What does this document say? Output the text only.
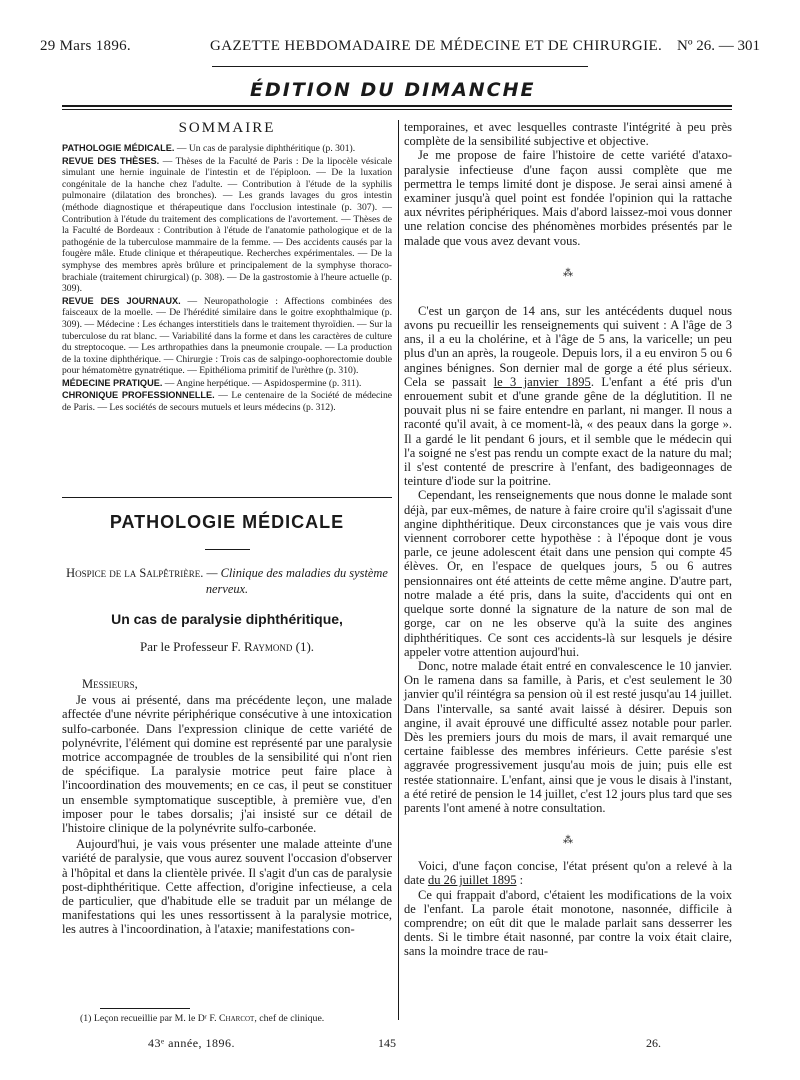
29 Mars 1896.	GAZETTE HEBDOMADAIRE DE MÉDECINE ET DE CHIRURGIE. Nº 26. — 301
ÉDITION DU DIMANCHE
SOMMAIRE

PATHOLOGIE MÉDICALE. — Un cas de paralysie diphthéritique (p. 301).

REVUE DES THÈSES. — Thèses de la Faculté de Paris : De la lipocèle vésicale simulant une hernie inguinale de l'intestin et de l'épiploon. — De la luxation congénitale de la hanche chez l'adulte. — Contribution à l'étude de la syphilis pulmonaire (dilatation des bronches). — Les grands lavages du gros intestin (méthode diagnostique et thérapeutique dans l'occlusion intestinale (p. 307). — Contribution à l'étude du traitement des complications de l'avortement. — Thèses de la Faculté de Bordeaux : Contribution à l'étude de l'anatomie pathologique et de la pathogénie de la tuberculose mammaire de la femme. — Des accidents causés par la fougère mâle. Etude clinique et thérapeutique. Recherches expérimentales. — De la symphyse des membres après brûlure et principalement de la symphyse thoraco-brachiale (traitement chirurgical) (p. 308). — De la gastrostomie à l'heure actuelle (p. 309).

REVUE DES JOURNAUX. — Neuropathologie : Affections combinées des faisceaux de la moelle. — De l'hérédité similaire dans le goitre exophthalmique (p. 309). — Médecine : Les échanges interstitiels dans le traitement thyroïdien. — Sur la tuberculose du rat blanc. — Variabilité dans la forme et dans les caractères de culture du streptocoque. — Les arthropathies dans la pneumonie croupale. — La production de la toxine diphthérique. — Chirurgie : Trois cas de salpingo-oophorectomie double pour hématomètre gynatrétique. — Epithélioma primitif de l'urèthre (p. 310).

MÉDECINE PRATIQUE. — Angine herpétique. — Aspidospermine (p. 311).

CHRONIQUE PROFESSIONNELLE. — Le centenaire de la Société de médecine de Paris. — Les sociétés de secours mutuels et leurs médecins (p. 312).

PATHOLOGIE MÉDICALE
Hospice de la Salpêtrière. — Clinique des maladies du système nerveux.
Un cas de paralysie diphthéritique,
Par le Professeur F. Raymond (1).

Messieurs,

Je vous ai présenté, dans ma précédente leçon, une malade affectée d'une névrite périphérique consécutive à une intoxication sulfo-carbonée. Dans l'expression clinique de cette variété de polynévrite, l'élément qui domine est représenté par une paralysie motrice accompagnée de troubles de la sensibilité qui n'ont rien de spécifique. La paralysie motrice peut faire place à l'incoordination des mouvements; en ce cas, il peut se constituer un ensemble symptomatique susceptible, à première vue, d'en imposer pour le tabes dorsalis; j'ai insisté sur ce détail de l'histoire clinique de la polynévrite sulfo-carbonée.

Aujourd'hui, je vais vous présenter une malade atteinte d'une variété de paralysie, que vous aurez souvent l'occasion d'observer à l'hôpital et dans la clientèle privée. Il s'agit d'un cas de paralysie post-diphthéritique. Cette affection, d'origine infectieuse, a cela de particulier, que d'habitude elle se traduit par un mélange de manifestations qui les unes ressortissent à la paralysie motrice, les autres à l'incoordination, à l'ataxie; manifestations con-

(1) Leçon recueillie par M. le Dʳ F. Charcot, chef de clinique.

temporaines, et avec lesquelles contraste l'intégrité à peu près complète de la sensibilité subjective et objective.

Je me propose de faire l'histoire de cette variété d'ataxo-paralysie infectieuse d'une façon aussi complète que me permettra le temps limité dont je dispose. Je serai ainsi amené à examiner jusqu'à quel point est fondée l'opinion qui la rattache aux névrites périphériques. Mais d'abord laissez-moi vous donner une relation concise des phénomènes morbides présentés par le malade que vous avez devant vous.

⁂

C'est un garçon de 14 ans, sur les antécédents duquel nous avons pu recueillir les renseignements qui suivent : A l'âge de 3 ans, il a eu la cholérine, et à l'âge de 5 ans, la varicelle; un peu plus d'un an après, la rougeole. Depuis lors, il a eu environ 5 ou 6 angines bénignes. Son dernier mal de gorge a été plus sérieux. Cela se passait le 3 janvier 1895. L'enfant a été pris d'un enrouement subit et d'une grande gêne de la déglutition. Il ne pouvait plus ni se faire entendre en parlant, ni manger. Il nous a raconté qu'il avait, à ce moment-là, « des peaux dans la gorge ». Il a gardé le lit pendant 6 jours, et il semble que le médecin qui l'a soigné ne s'est pas rendu un compte exact de la nature du mal; il s'est contenté de prescrire à l'enfant, des badigeonnages de teinture d'iode sur la poitrine.

Cependant, les renseignements que nous donne le malade sont déjà, par eux-mêmes, de nature à faire croire qu'il s'agissait d'une angine diphthéritique. Deux circonstances que je vais vous dire viennent corroborer cette hypothèse : à l'époque dont je vous parle, ce jeune adolescent était dans une pension qui compte 45 élèves. Or, en l'espace de quelques jours, 5 ou 6 autres pensionnaires ont été atteints de cette même angine. D'autre part, notre malade a été pris, dans la suite, d'accidents qui ont en quelque sorte donné la signature de la nature de son mal de gorge, car on ne les observe qu'à la suite des angines diphthéritiques. Ce sont ces accidents-là sur lesquels je désire appeler votre attention aujourd'hui.

Donc, notre malade était entré en convalescence le 10 janvier. On le ramena dans sa famille, à Paris, et c'est seulement le 30 janvier qu'il réintégra sa pension où il est resté jusqu'au 14 juillet. Dans l'intervalle, sa santé avait laissé à désirer. Depuis son angine, il avait éprouvé une difficulté assez notable pour parler. Dès les premiers jours du mois de mars, il avait remarqué une certaine faiblesse des membres inférieurs. Cette parésie s'est aggravée progressivement jusqu'au mois de juin; puis elle est restée stationnaire. L'enfant, ainsi que je vous le disais à l'instant, a été retiré de pension le 14 juillet, c'est 12 jours plus tard que ses parents l'ont amené à notre consultation.

⁂

Voici, d'une façon concise, l'état présent qu'on a relevé à la date du 26 juillet 1895 :

Ce qui frappait d'abord, c'étaient les modifications de la voix de l'enfant. La parole était monotone, nasonnée, difficile à comprendre; on eût dit que le malade parlait sans desserrer les dents. Si le timbre était nasonné, par contre la voix était claire, sans la moindre trace de rau-

43ᵉ année, 1896.	145	26.
